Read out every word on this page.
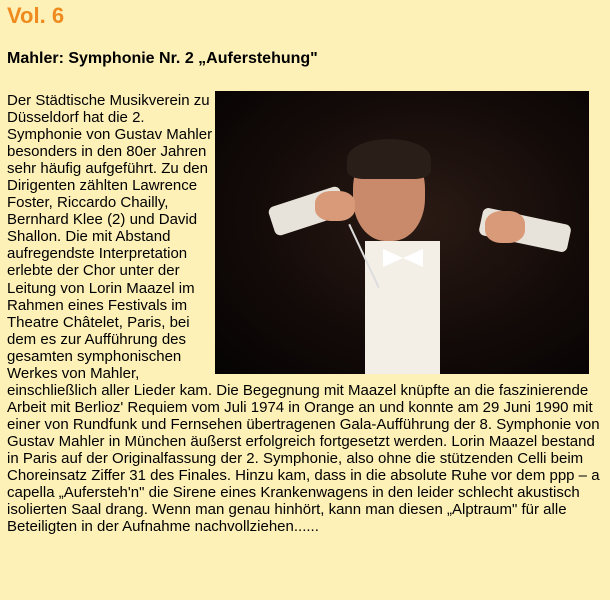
Vol. 6
Mahler: Symphonie Nr. 2 „Auferstehung"

Der Städtische Musikverein zu Düsseldorf hat die 2. Symphonie von Gustav Mahler besonders in den 80er Jahren sehr häufig aufgeführt. Zu den Dirigenten zählten Lawrence Foster, Riccardo Chailly, Bernhard Klee (2) und David Shallon. Die mit Abstand aufregendste Interpretation erlebte der Chor unter der Leitung von Lorin Maazel im Rahmen eines Festivals im Theatre Châtelet, Paris, bei dem es zur Aufführung des gesamten symphonischen Werkes von Mahler, einschließlich aller Lieder kam. Die Begegnung mit Maazel knüpfte an die faszinierende Arbeit mit Berlioz' Requiem vom Juli 1974 in Orange an und konnte am 29 Juni 1990 mit einer von Rundfunk und Fernsehen übertragenen Gala-Aufführung der 8. Symphonie von Gustav Mahler in München äußerst erfolgreich fortgesetzt werden. Lorin Maazel bestand in Paris auf der Originalfassung der 2. Symphonie, also ohne die stützenden Celli beim Choreinsatz Ziffer 31 des Finales. Hinzu kam, dass in die absolute Ruhe vor dem ppp – a capella „Aufersteh'n" die Sirene eines Krankenwagens in den leider schlecht akustisch isolierten Saal drang. Wenn man genau hinhört, kann man diesen „Alptraum" für alle Beteiligten in der Aufnahme nachvollziehen......
